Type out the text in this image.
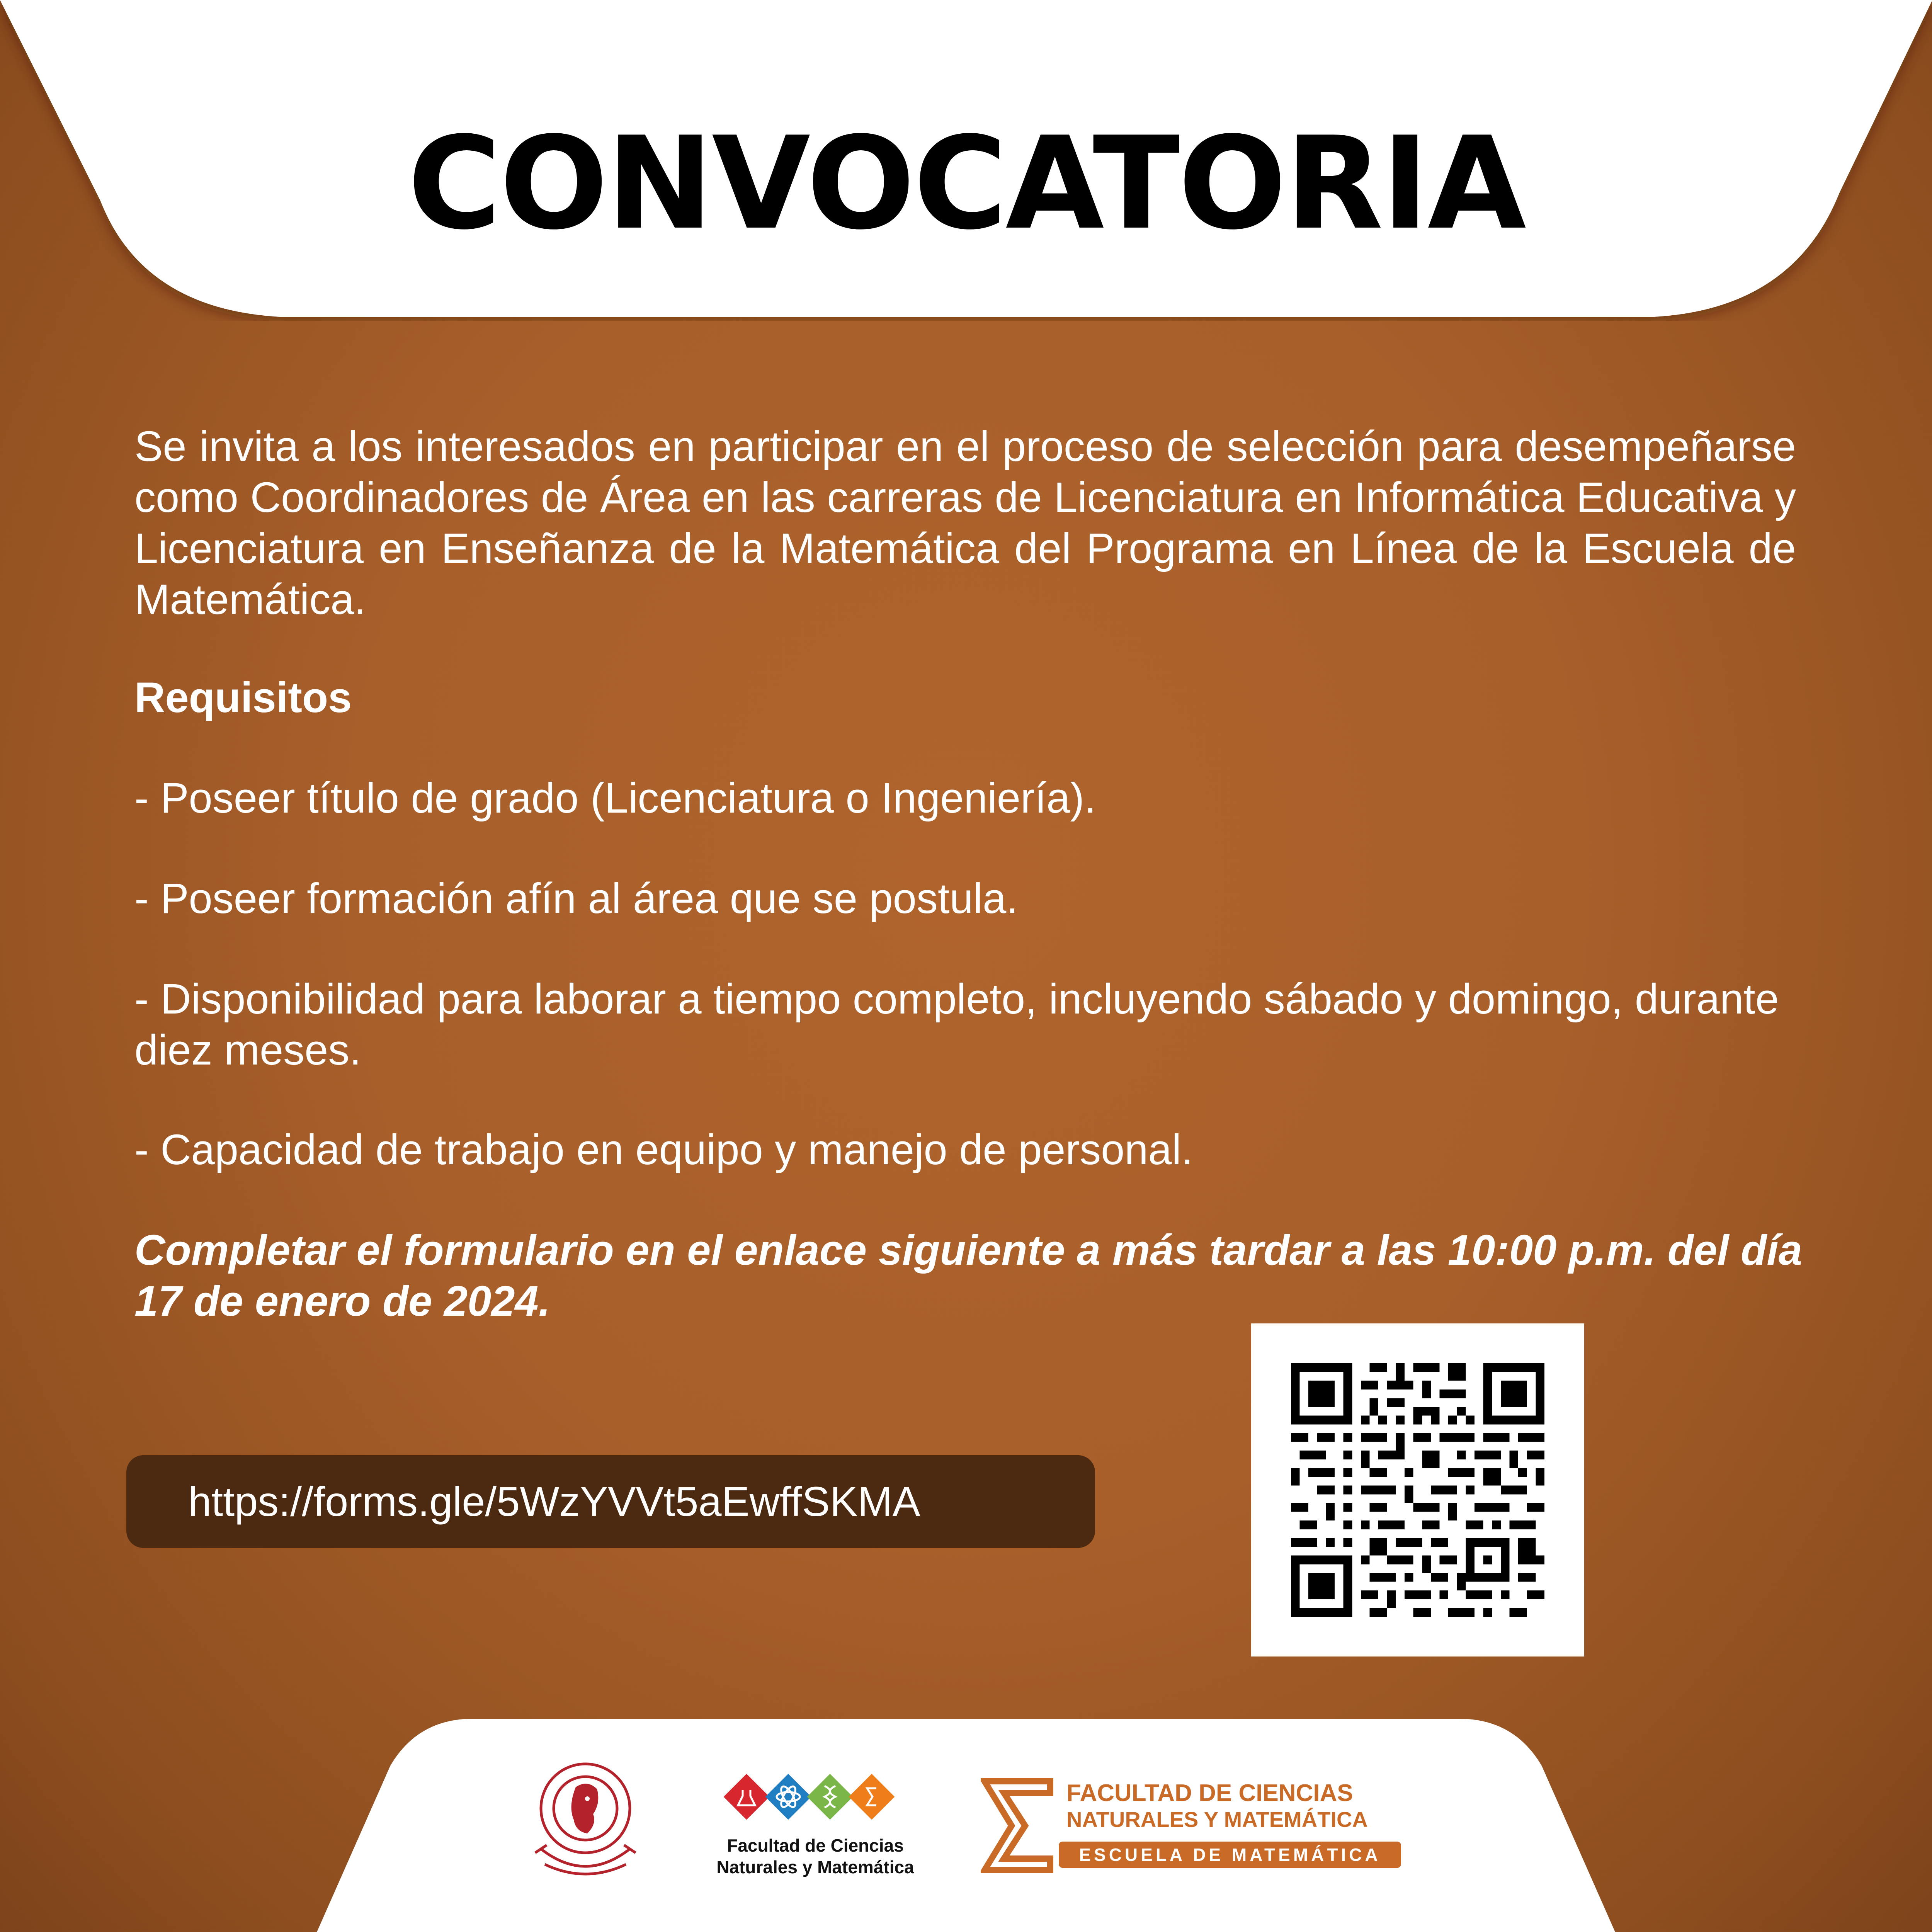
CONVOCATORIA
Se invita a los interesados en participar en el proceso de selección para desempeñarse como Coordinadores de Área en las carreras de Licenciatura en Informática Educativa y Licenciatura en Enseñanza de la Matemática del Programa en Línea de la Escuela de Matemática.
Requisitos
- Poseer título de grado (Licenciatura o Ingeniería).
- Poseer formación afín al área que se postula.
- Disponibilidad para laborar a tiempo completo, incluyendo sábado y domingo, durante diez meses.
- Capacidad de trabajo en equipo y manejo de personal.
Completar el formulario en el enlace siguiente a más tardar a las 10:00 p.m. del día 17 de enero de 2024.
https://forms.gle/5WzYVVt5aEwffSKMA
Facultad de Ciencias
Naturales y Matemática
FACULTAD DE CIENCIAS
NATURALES Y MATEMÁTICA
ESCUELA DE MATEMÁTICA
